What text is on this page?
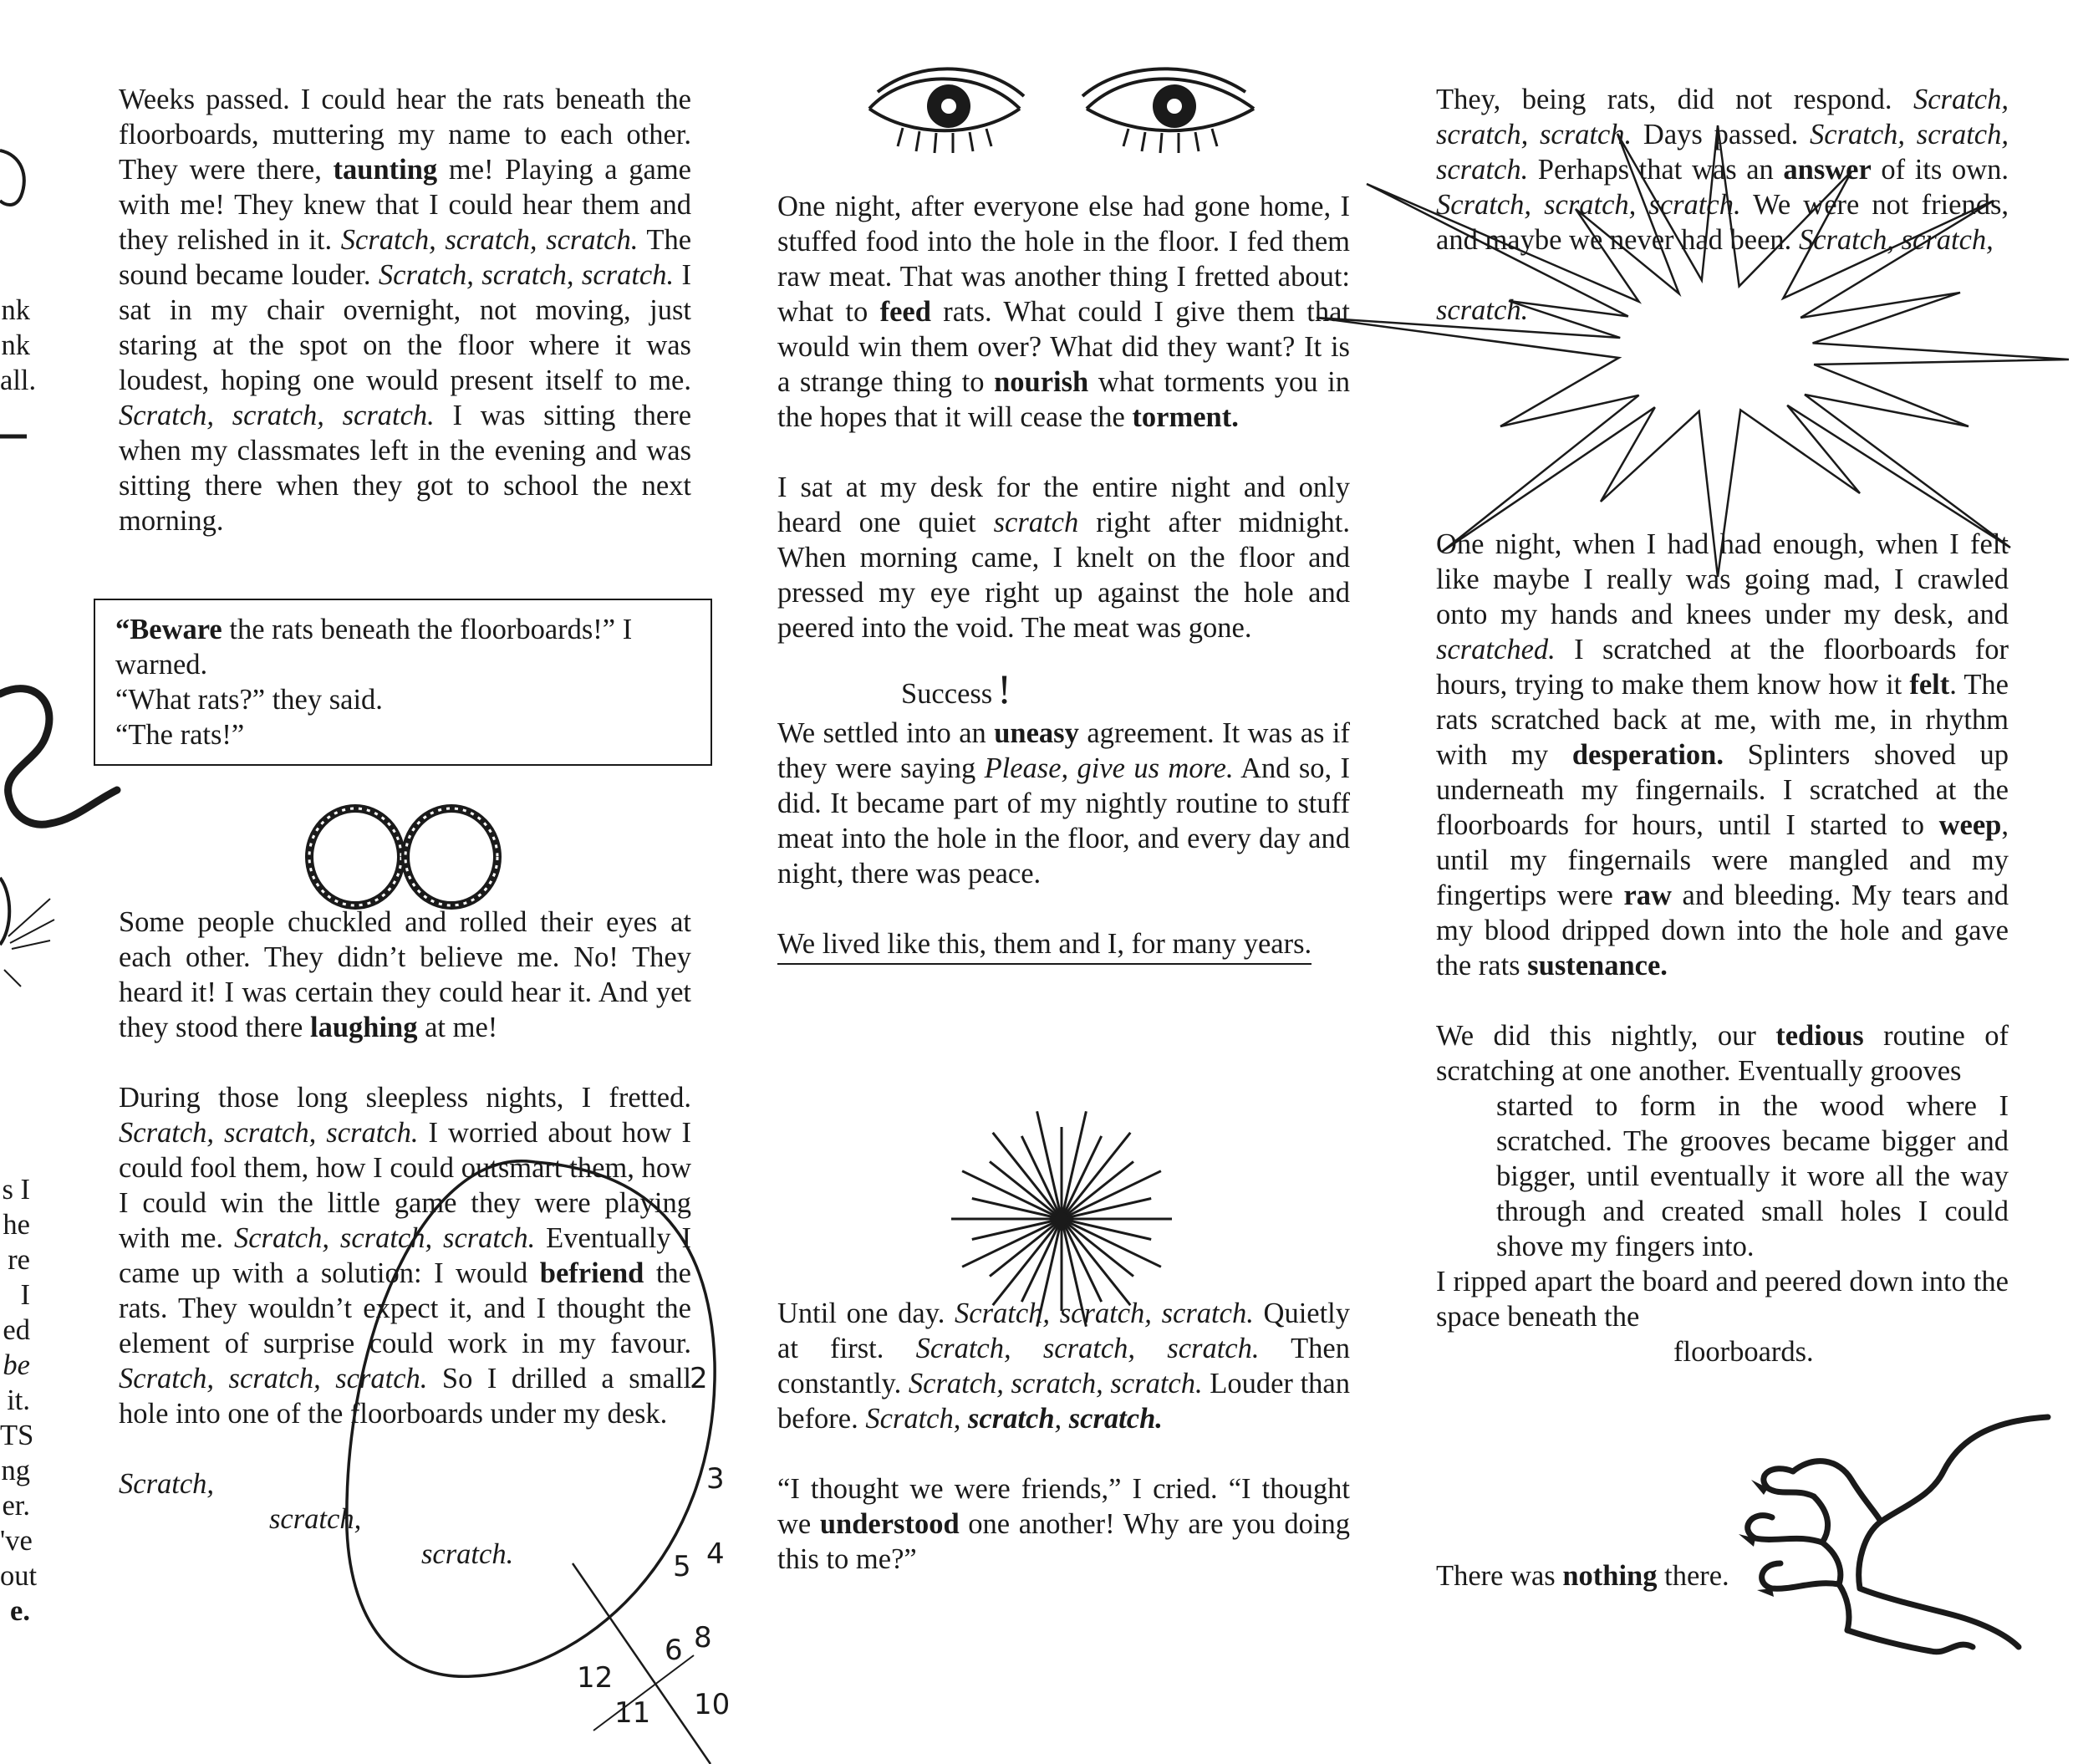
nk
nk
all.
s I
he
re
I
ed
be
it.
TS
ng
er.
've
out
e.

Weeks passed. I could hear the rats beneath the floorboards, muttering my name to each other. They were there, taunting me! Playing a game with me! They knew that I could hear them and they relished in it. Scratch, scratch, scratch. The sound became louder. Scratch, scratch, scratch. I sat in my chair overnight, not moving, just staring at the spot on the floor where it was loudest, hoping one would present itself to me. Scratch, scratch, scratch. I was sitting there when my classmates left in the evening and was sitting there when they got to school the next morning.

“Beware the rats beneath the floorboards!” I warned.
“What rats?” they said.
“The rats!”

Some people chuckled and rolled their eyes at each other. They didn’t believe me. No! They heard it! I was certain they could hear it. And yet they stood there laughing at me!

During those long sleepless nights, I fretted. Scratch, scratch, scratch. I worried about how I could fool them, how I could outsmart them, how I could win the little game they were playing with me. Scratch, scratch, scratch. Eventually I came up with a solution: I would befriend the rats. They wouldn’t expect it, and I thought the element of surprise could work in my favour. Scratch, scratch, scratch. So I drilled a small hole into one of the floorboards under my desk.

Scratch,
scratch,
scratch.
2
3
4
5
6 8
10
11
12

One night, after everyone else had gone home, I stuffed food into the hole in the floor. I fed them raw meat. That was another thing I fretted about: what to feed rats. What could I give them that would win them over? What did they want? It is a strange thing to nourish what torments you in the hopes that it will cease the torment.

I sat at my desk for the entire night and only heard one quiet scratch right after midnight. When morning came, I knelt on the floor and pressed my eye right up against the hole and peered into the void. The meat was gone.

Success !

We settled into an uneasy agreement. It was as if they were saying Please, give us more. And so, I did. It became part of my nightly routine to stuff meat into the hole in the floor, and every day and night, there was peace.

We lived like this, them and I, for many years.

Until one day. Scratch, scratch, scratch. Quietly at first. Scratch, scratch, scratch. Then constantly. Scratch, scratch, scratch. Louder than before. Scratch, scratch, scratch.

“I thought we were friends,” I cried. “I thought we understood one another! Why are you doing this to me?”

They, being rats, did not respond. Scratch, scratch, scratch. Days passed. Scratch, scratch, scratch. Perhaps that was an answer of its own. Scratch, scratch, scratch. We were not friends, and maybe we never had been. Scratch, scratch,

scratch.

One night, when I had had enough, when I felt like maybe I really was going mad, I crawled onto my hands and knees under my desk, and scratched. I scratched at the floorboards for hours, trying to make them know how it felt. The rats scratched back at me, with me, in rhythm with my desperation. Splinters shoved up underneath my fingernails. I scratched at the floorboards for hours, until I started to weep, until my fingernails were mangled and my fingertips were raw and bleeding. My tears and my blood dripped down into the hole and gave the rats sustenance.

We did this nightly, our tedious routine of scratching at one another. Eventually grooves

started to form in the wood where I scratched. The grooves became bigger and bigger, until eventually it wore all the way through and created small holes I could shove my fingers into.

I ripped apart the board and peered down into the space beneath the

floorboards.
There was nothing there.
